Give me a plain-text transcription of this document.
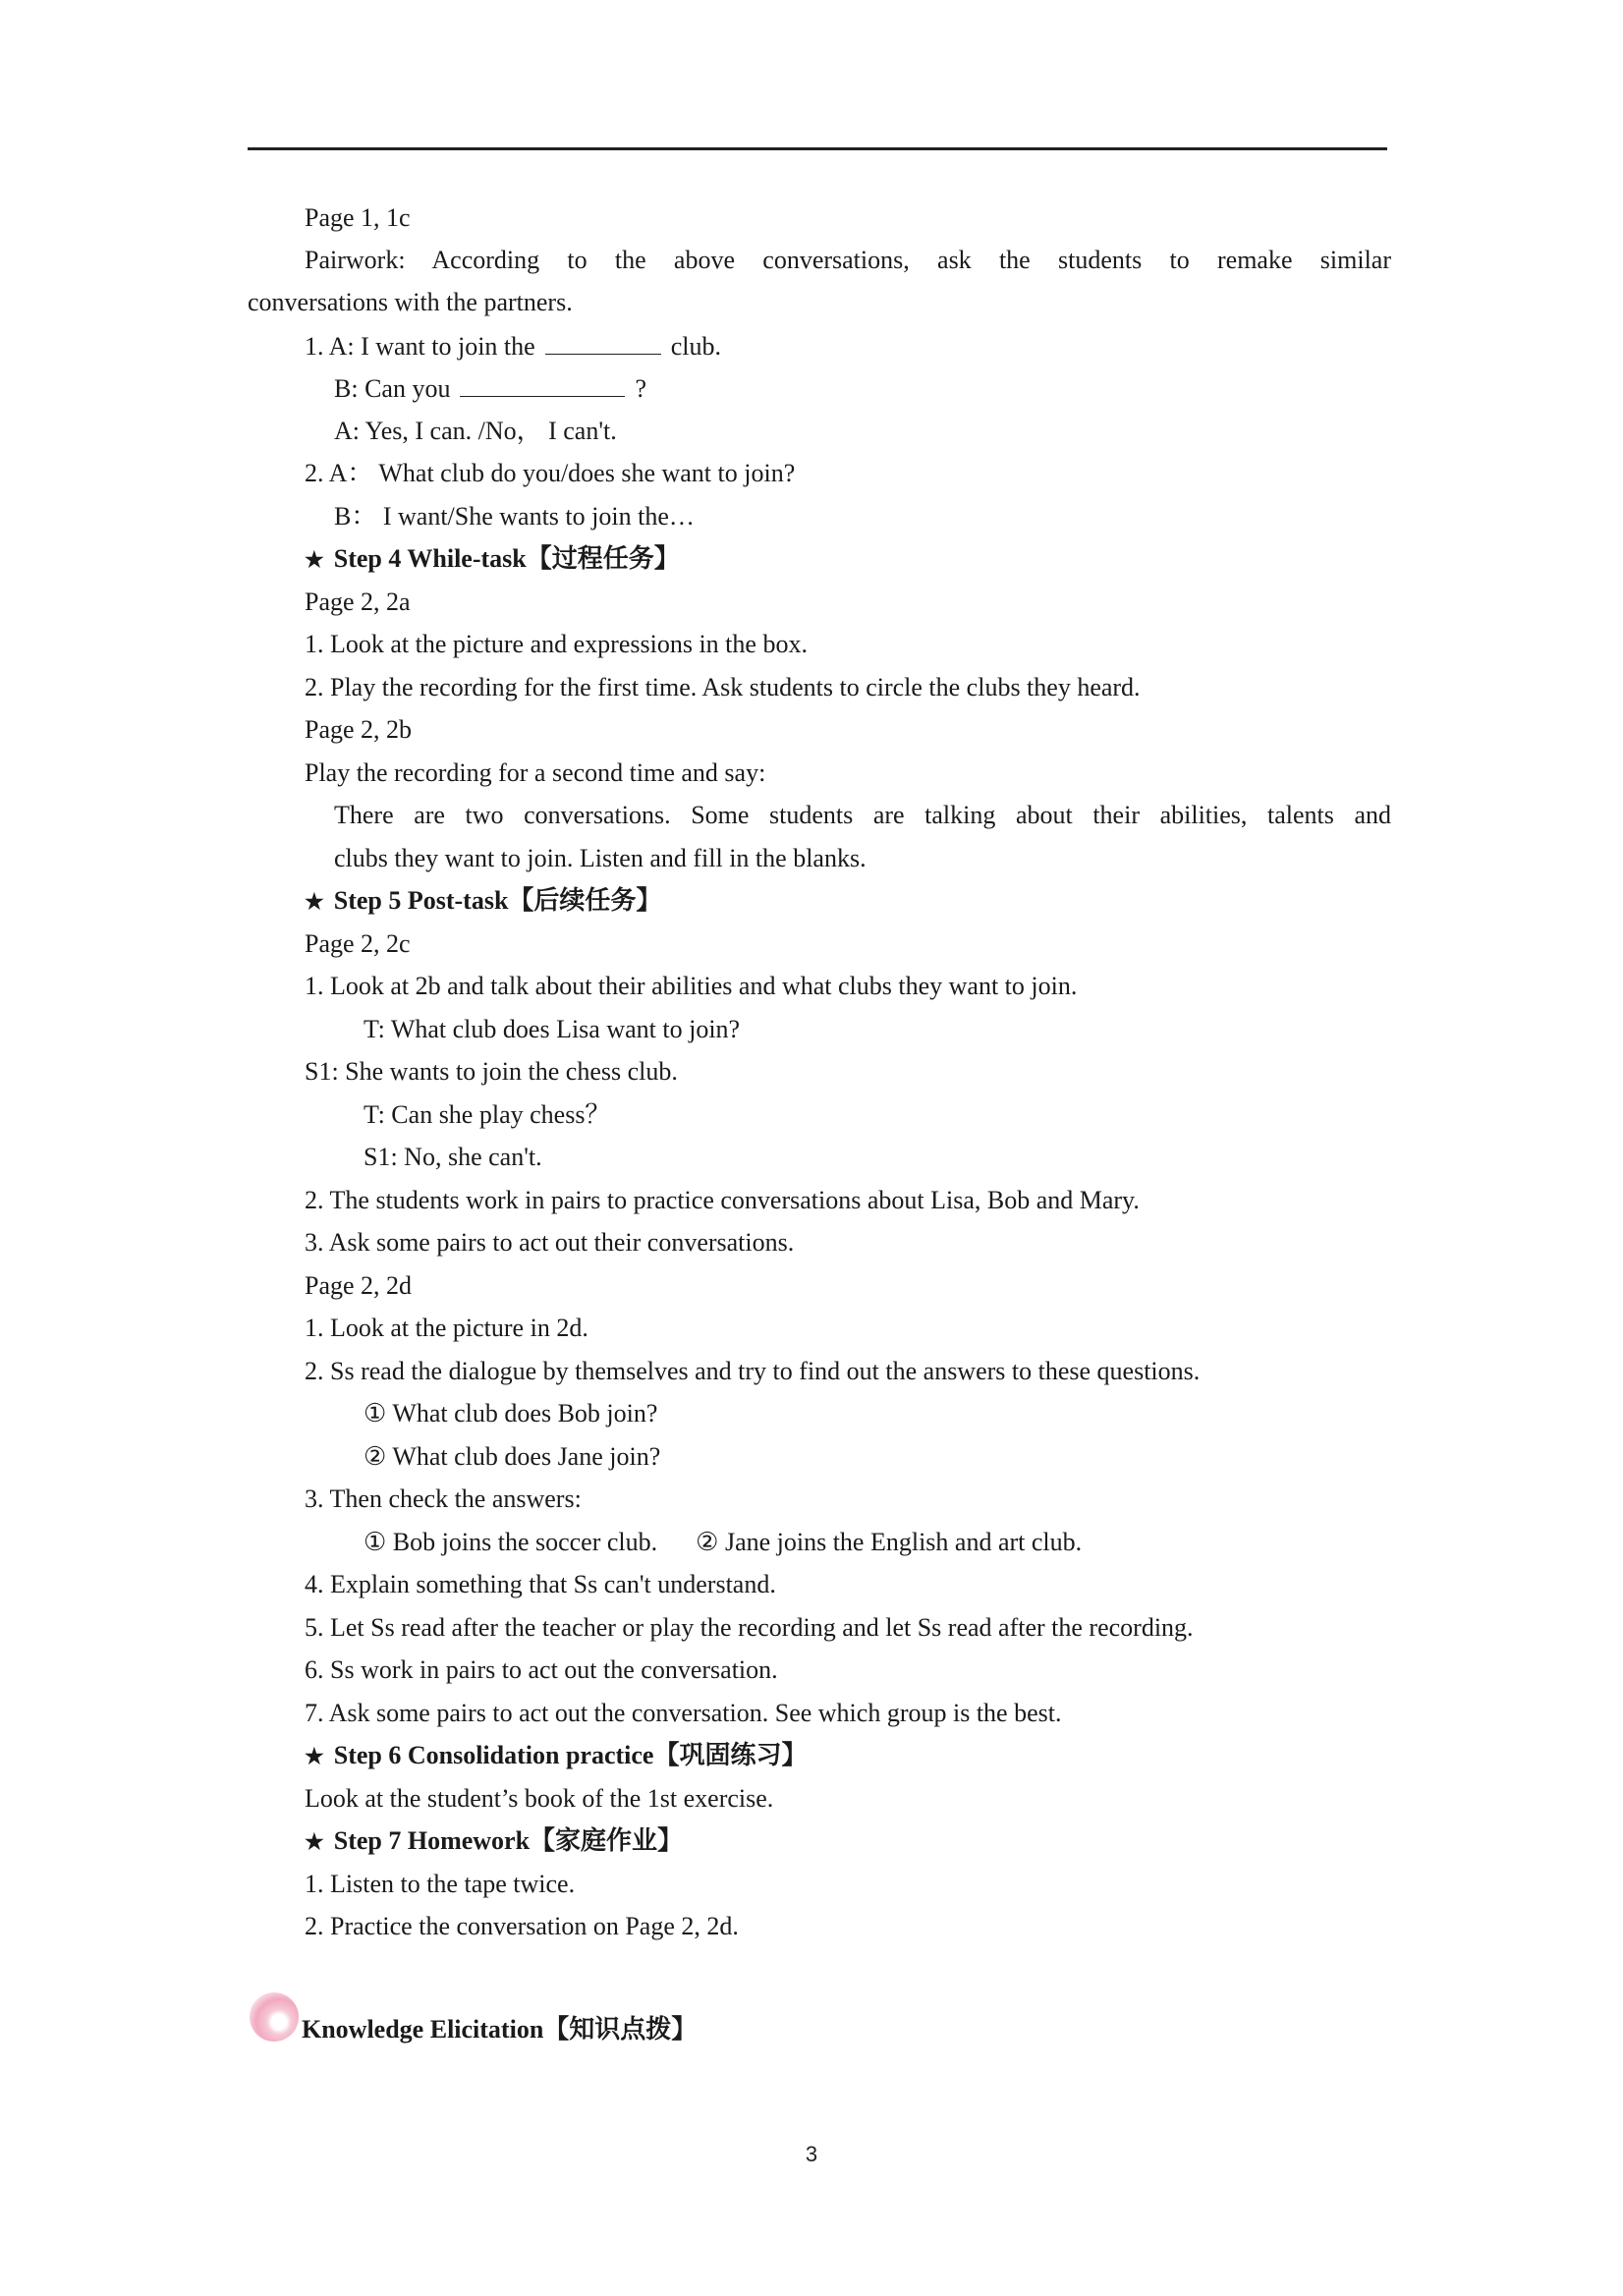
Page 1, 1c
Pairwork: According to the above conversations, ask the students to remake similar
conversations with the partners.
1. A: I want to join the	club.
B: Can you	?
A: Yes, I can. /No， I can't.
2. A： What club do you/does she want to join?
B： I want/She wants to join the…
★ Step 4 While-task【过程任务】
Page 2, 2a
1. Look at the picture and expressions in the box.
2. Play the recording for the first time. Ask students to circle the clubs they heard.
Page 2, 2b
Play the recording for a second time and say:
There are two conversations. Some students are talking about their abilities, talents and
clubs they want to join. Listen and fill in the blanks.
★ Step 5 Post-task【后续任务】
Page 2, 2c
1. Look at 2b and talk about their abilities and what clubs they want to join.
T: What club does Lisa want to join?
S1: She wants to join the chess club.
T: Can she play chess？
S1: No, she can't.
2. The students work in pairs to practice conversations about Lisa, Bob and Mary.
3. Ask some pairs to act out their conversations.
Page 2, 2d
1. Look at the picture in 2d.
2. Ss read the dialogue by themselves and try to find out the answers to these questions.
① What club does Bob join?
② What club does Jane join?
3. Then check the answers:
① Bob joins the soccer club.      ② Jane joins the English and art club.
4. Explain something that Ss can't understand.
5. Let Ss read after the teacher or play the recording and let Ss read after the recording.
6. Ss work in pairs to act out the conversation.
7. Ask some pairs to act out the conversation. See which group is the best.
★ Step 6 Consolidation practice【巩固练习】
Look at the student’s book of the 1st exercise.
★ Step 7 Homework【家庭作业】
1. Listen to the tape twice.
2. Practice the conversation on Page 2, 2d.
Knowledge Elicitation【知识点拨】
3
